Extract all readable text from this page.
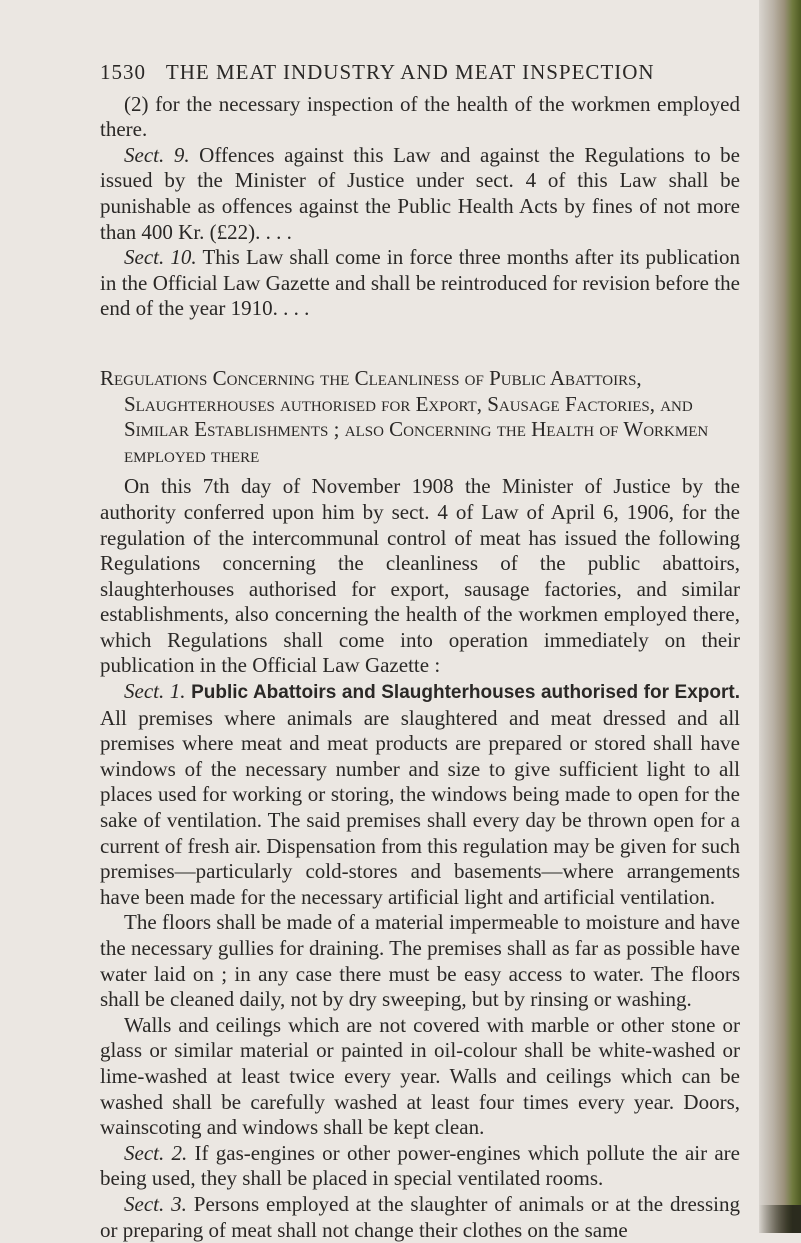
1530 THE MEAT INDUSTRY AND MEAT INSPECTION

(2) for the necessary inspection of the health of the workmen employed there.

Sect. 9. Offences against this Law and against the Regulations to be issued by the Minister of Justice under sect. 4 of this Law shall be punishable as offences against the Public Health Acts by fines of not more than 400 Kr. (£22). . . .

Sect. 10. This Law shall come in force three months after its publication in the Official Law Gazette and shall be reintroduced for revision before the end of the year 1910. . . .

Regulations Concerning the Cleanliness of Public Abattoirs,
Slaughterhouses authorised for Export, Sausage Factories, and Similar Establishments ; also Concerning the Health of Workmen employed there

On this 7th day of November 1908 the Minister of Justice by the authority conferred upon him by sect. 4 of Law of April 6, 1906, for the regulation of the intercommunal control of meat has issued the following Regulations concerning the cleanliness of the public abattoirs, slaughterhouses authorised for export, sausage factories, and similar establishments, also concerning the health of the workmen employed there, which Regulations shall come into operation immediately on their publication in the Official Law Gazette :

Sect. 1. Public Abattoirs and Slaughterhouses authorised for Export. All premises where animals are slaughtered and meat dressed and all premises where meat and meat products are prepared or stored shall have windows of the necessary number and size to give sufficient light to all places used for working or storing, the windows being made to open for the sake of ventilation. The said premises shall every day be thrown open for a current of fresh air. Dispensation from this regulation may be given for such premises—particularly cold-stores and basements—where arrangements have been made for the necessary artificial light and artificial ventilation.

The floors shall be made of a material impermeable to moisture and have the necessary gullies for draining. The premises shall as far as possible have water laid on ; in any case there must be easy access to water. The floors shall be cleaned daily, not by dry sweeping, but by rinsing or washing.

Walls and ceilings which are not covered with marble or other stone or glass or similar material or painted in oil-colour shall be white-washed or lime-washed at least twice every year. Walls and ceilings which can be washed shall be carefully washed at least four times every year. Doors, wainscoting and windows shall be kept clean.

Sect. 2. If gas-engines or other power-engines which pollute the air are being used, they shall be placed in special ventilated rooms.

Sect. 3. Persons employed at the slaughter of animals or at the dressing or preparing of meat shall not change their clothes on the same
